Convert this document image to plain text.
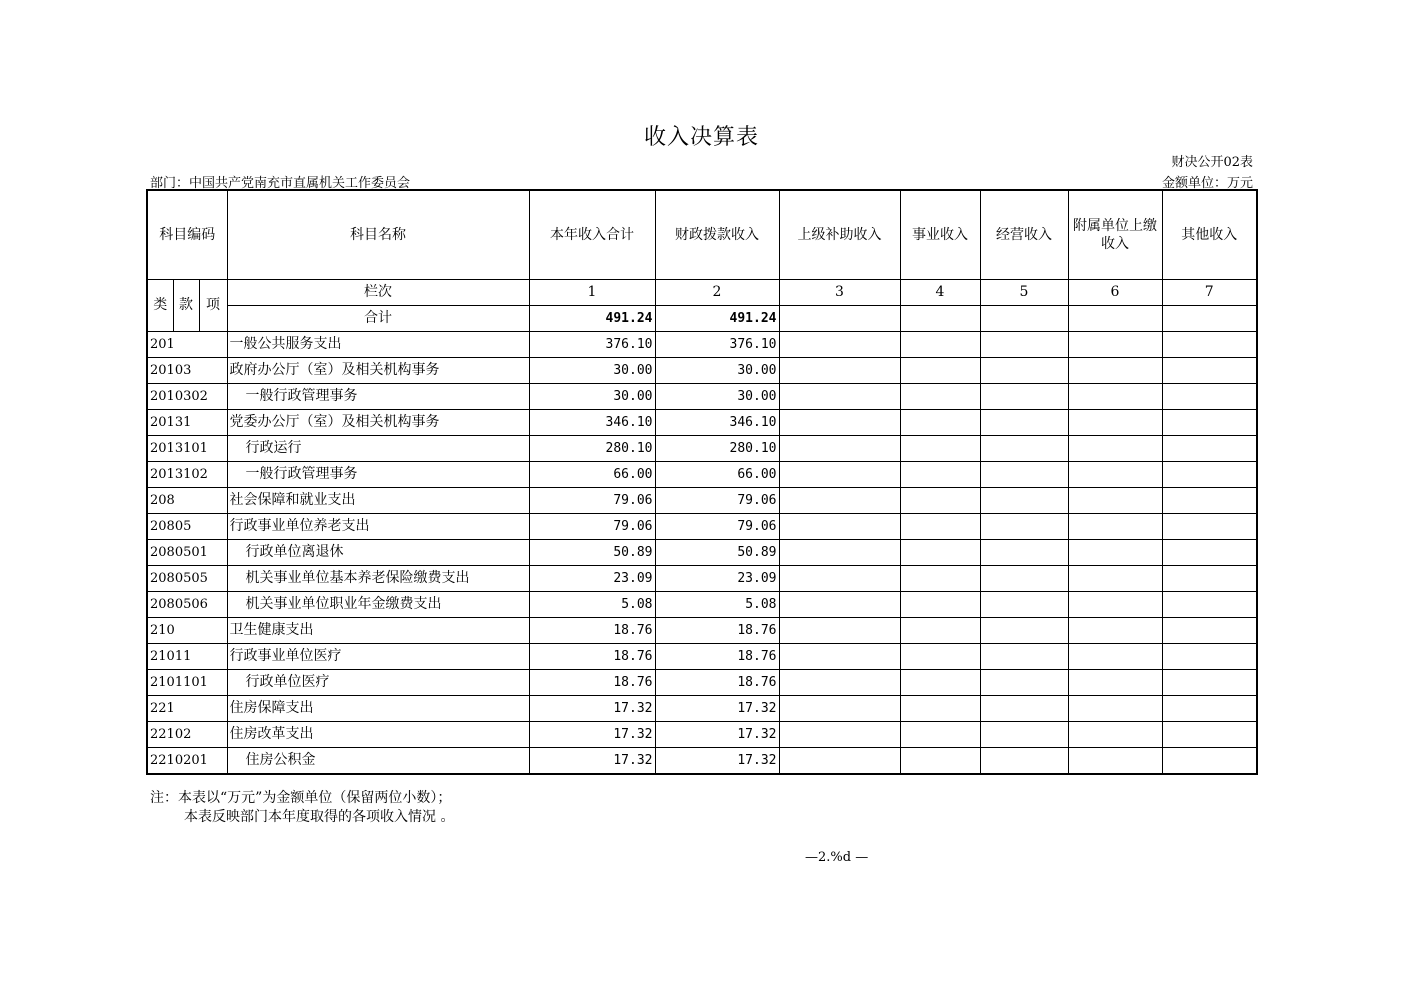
收入决算表
财决公开02表
部门：中国共产党南充市直属机关工作委员会	金额单位：万元
科目编码			科目名称	本年收入合计	财政拨款收入	上级补助收入	事业收入	经营收入	附属单位上缴收入	其他收入
类	款	项	栏次	1	2	3	4	5	6	7
			合计	491.24	491.24					
201			一般公共服务支出	376.10	376.10					
20103			政府办公厅（室）及相关机构事务	30.00	30.00					
2010302			一般行政管理事务	30.00	30.00					
20131			党委办公厅（室）及相关机构事务	346.10	346.10					
2013101			行政运行	280.10	280.10					
2013102			一般行政管理事务	66.00	66.00					
208			社会保障和就业支出	79.06	79.06					
20805			行政事业单位养老支出	79.06	79.06					
2080501			行政单位离退休	50.89	50.89					
2080505			机关事业单位基本养老保险缴费支出	23.09	23.09					
2080506			机关事业单位职业年金缴费支出	5.08	5.08					
210			卫生健康支出	18.76	18.76					
21011			行政事业单位医疗	18.76	18.76					
2101101			行政单位医疗	18.76	18.76					
221			住房保障支出	17.32	17.32					
22102			住房改革支出	17.32	17.32					
2210201			住房公积金	17.32	17.32					
注：本表以“万元”为金额单位（保留两位小数）；
本表反映部门本年度取得的各项收入情况 。
—2.%d —
